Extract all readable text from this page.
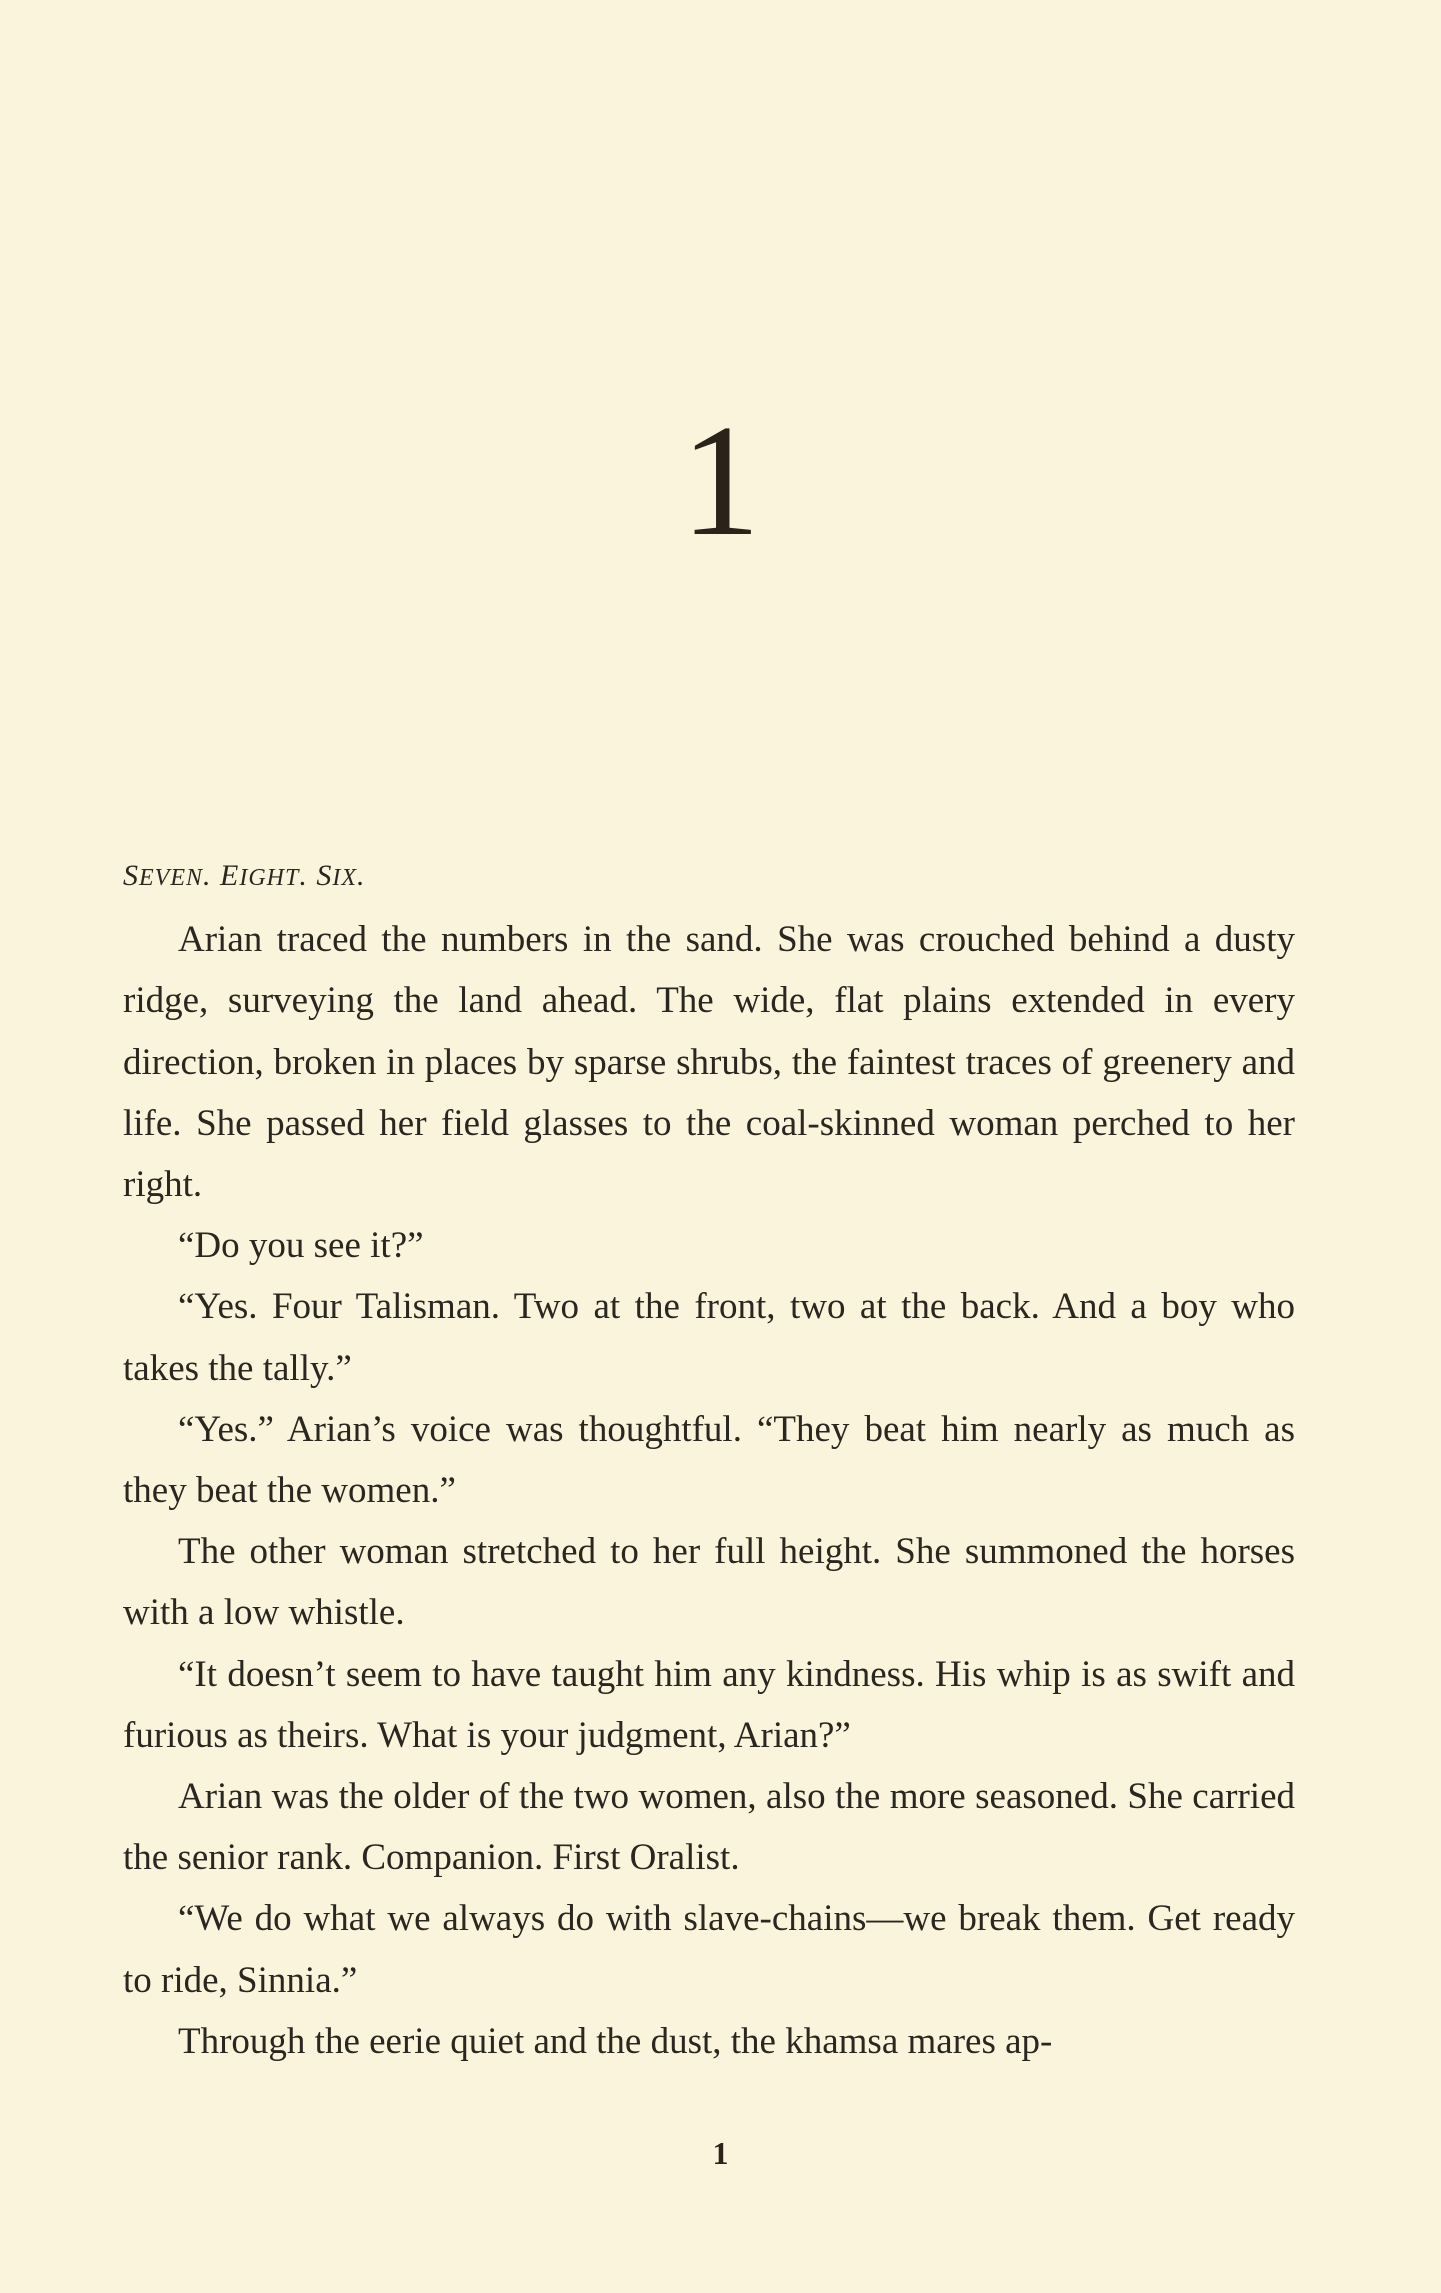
1

SEVEN. EIGHT. SIX.

Arian traced the numbers in the sand. She was crouched behind a dusty ridge, surveying the land ahead. The wide, flat plains extended in every direction, broken in places by sparse shrubs, the faintest traces of greenery and life. She passed her field glasses to the coal-skinned woman perched to her right.

“Do you see it?”

“Yes. Four Talisman. Two at the front, two at the back. And a boy who takes the tally.”

“Yes.” Arian’s voice was thoughtful. “They beat him nearly as much as they beat the women.”

The other woman stretched to her full height. She summoned the horses with a low whistle.

“It doesn’t seem to have taught him any kindness. His whip is as swift and furious as theirs. What is your judgment, Arian?”

Arian was the older of the two women, also the more seasoned. She carried the senior rank. Companion. First Oralist.

“We do what we always do with slave-chains—we break them. Get ready to ride, Sinnia.”

Through the eerie quiet and the dust, the khamsa mares ap-

1
